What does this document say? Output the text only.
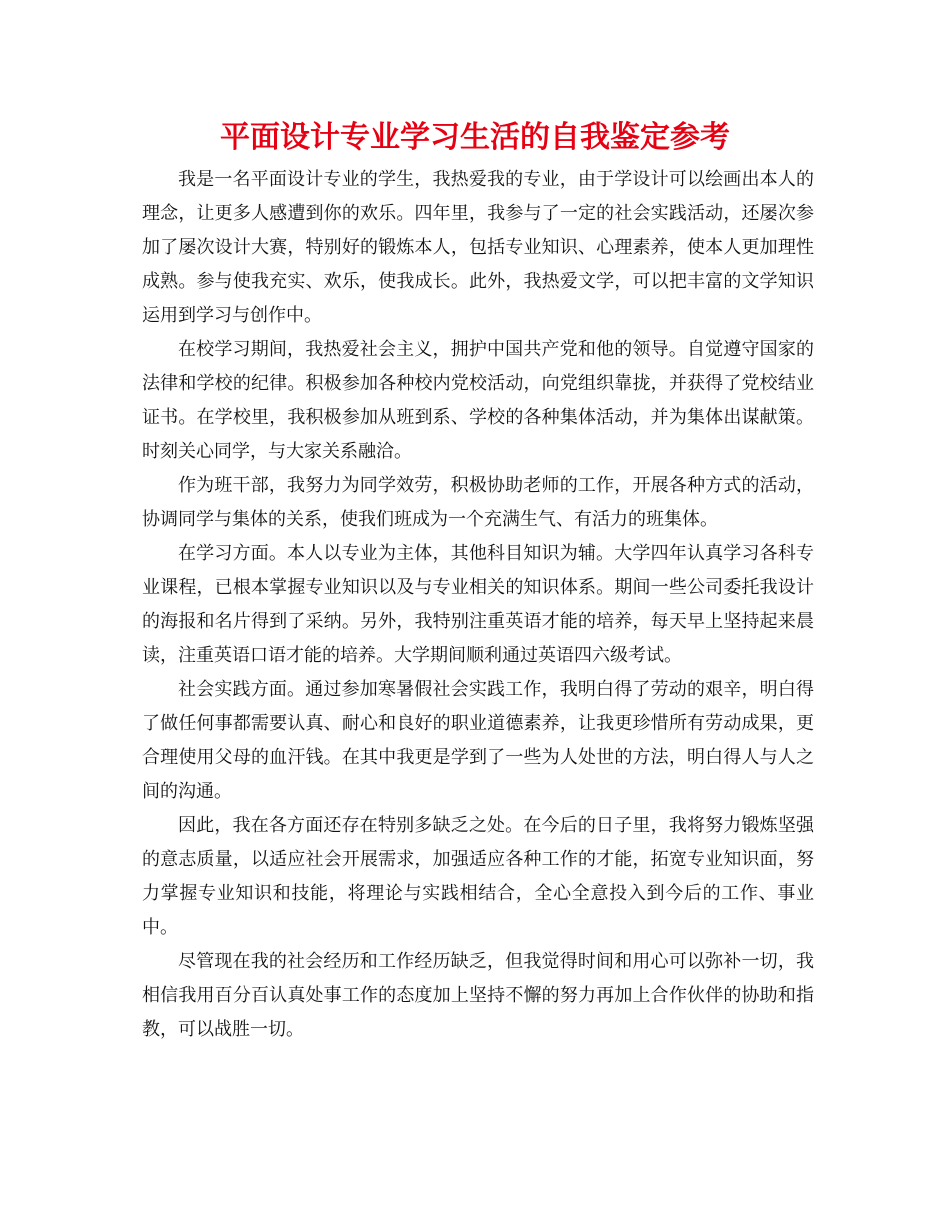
平面设计专业学习生活的自我鉴定参考

我是一名平面设计专业的学生，我热爱我的专业，由于学设计可以绘画出本人的理念，让更多人感遭到你的欢乐。四年里，我参与了一定的社会实践活动，还屡次参加了屡次设计大赛，特别好的锻炼本人，包括专业知识、心理素养，使本人更加理性成熟。参与使我充实、欢乐，使我成长。此外，我热爱文学，可以把丰富的文学知识运用到学习与创作中。

在校学习期间，我热爱社会主义，拥护中国共产党和他的领导。自觉遵守国家的法律和学校的纪律。积极参加各种校内党校活动，向党组织靠拢，并获得了党校结业证书。在学校里，我积极参加从班到系、学校的各种集体活动，并为集体出谋献策。时刻关心同学，与大家关系融洽。

作为班干部，我努力为同学效劳，积极协助老师的工作，开展各种方式的活动，协调同学与集体的关系，使我们班成为一个充满生气、有活力的班集体。

在学习方面。本人以专业为主体，其他科目知识为辅。大学四年认真学习各科专业课程，已根本掌握专业知识以及与专业相关的知识体系。期间一些公司委托我设计的海报和名片得到了采纳。另外，我特别注重英语才能的培养，每天早上坚持起来晨读，注重英语口语才能的培养。大学期间顺利通过英语四六级考试。

社会实践方面。通过参加寒暑假社会实践工作，我明白得了劳动的艰辛，明白得了做任何事都需要认真、耐心和良好的职业道德素养，让我更珍惜所有劳动成果，更合理使用父母的血汗钱。在其中我更是学到了一些为人处世的方法，明白得人与人之间的沟通。

因此，我在各方面还存在特别多缺乏之处。在今后的日子里，我将努力锻炼坚强的意志质量，以适应社会开展需求，加强适应各种工作的才能，拓宽专业知识面，努力掌握专业知识和技能，将理论与实践相结合，全心全意投入到今后的工作、事业中。

尽管现在我的社会经历和工作经历缺乏，但我觉得时间和用心可以弥补一切，我相信我用百分百认真处事工作的态度加上坚持不懈的努力再加上合作伙伴的协助和指教，可以战胜一切。
